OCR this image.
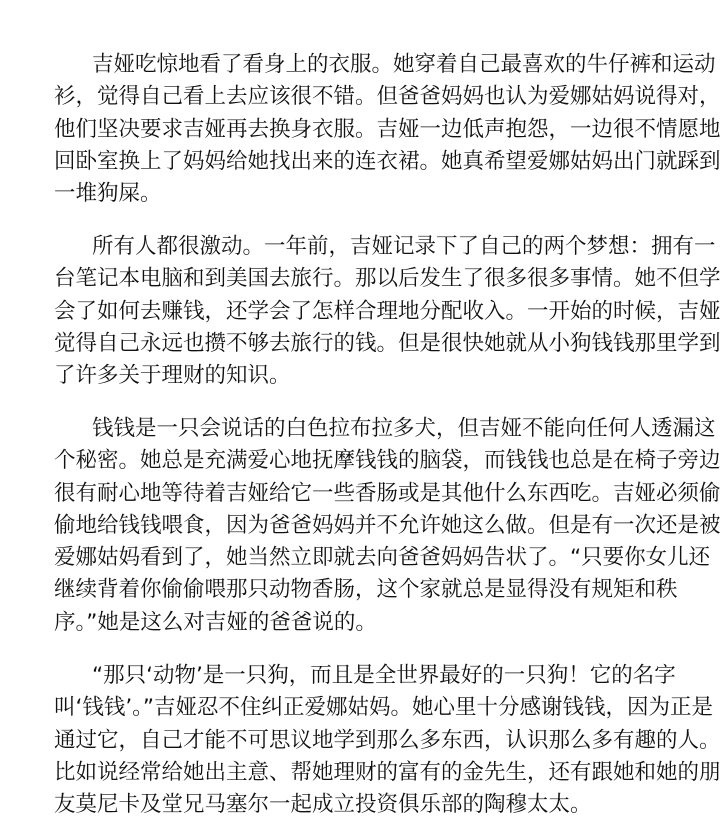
吉娅吃惊地看了看身上的衣服。她穿着自己最喜欢的牛仔裤和运动
衫，觉得自己看上去应该很不错。但爸爸妈妈也认为爱娜姑妈说得对，
他们坚决要求吉娅再去换身衣服。吉娅一边低声抱怨，一边很不情愿地
回卧室换上了妈妈给她找出来的连衣裙。她真希望爱娜姑妈出门就踩到
一堆狗屎。
所有人都很激动。一年前，吉娅记录下了自己的两个梦想：拥有一
台笔记本电脑和到美国去旅行。那以后发生了很多很多事情。她不但学
会了如何去赚钱，还学会了怎样合理地分配收入。一开始的时候，吉娅
觉得自己永远也攒不够去旅行的钱。但是很快她就从小狗钱钱那里学到
了许多关于理财的知识。
钱钱是一只会说话的白色拉布拉多犬，但吉娅不能向任何人透漏这
个秘密。她总是充满爱心地抚摩钱钱的脑袋，而钱钱也总是在椅子旁边
很有耐心地等待着吉娅给它一些香肠或是其他什么东西吃。吉娅必须偷
偷地给钱钱喂食，因为爸爸妈妈并不允许她这么做。但是有一次还是被
爱娜姑妈看到了，她当然立即就去向爸爸妈妈告状了。“只要你女儿还
继续背着你偷偷喂那只动物香肠，这个家就总是显得没有规矩和秩
序。”她是这么对吉娅的爸爸说的。
“那只‘动物’是一只狗，而且是全世界最好的一只狗！它的名字
叫‘钱钱’。”吉娅忍不住纠正爱娜姑妈。她心里十分感谢钱钱，因为正是
通过它，自己才能不可思议地学到那么多东西，认识那么多有趣的人。
比如说经常给她出主意、帮她理财的富有的金先生，还有跟她和她的朋
友莫尼卡及堂兄马塞尔一起成立投资俱乐部的陶穆太太。
